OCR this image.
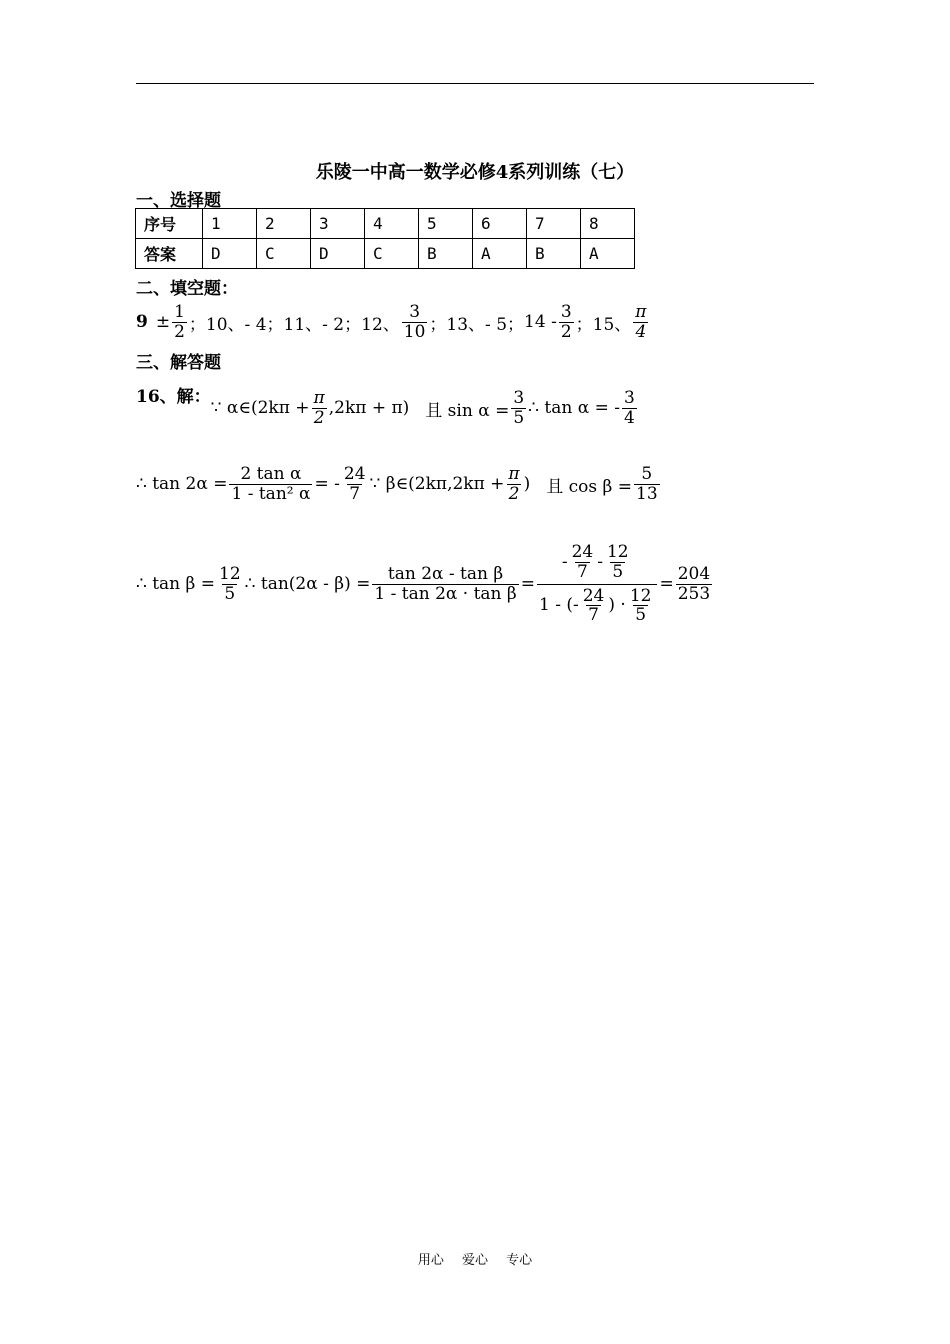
乐陵一中高一数学必修4系列训练（七）
一、选择题
序号	1	2	3	4	5	6	7	8
答案	D	C	D	C	B	A	B	A
二、填空题：
$9 \pm \frac{1}{2}$ ； 10、- 4 ； 11、- 2 ； 12、 $\frac{3}{10}$ ； 13、- 5 ； $14 - \frac{3}{2}$ ； 15、 $\frac{\pi}{4}$
三、解答题
16、解：
∵ α∈(2kπ + $\frac{\pi}{2} ,2k\pi + \pi$) 且 $\sin \alpha = \frac{3}{5}$ ∴ tan α = - $\frac{3}{4}$
∴ $\tan 2\alpha = \frac{\text{2 tan α}}{\text{1 - tan² α}}$ = - $\frac{24}{7}$ ∵ β∈(2kπ,2kπ + $\frac{\pi}{2}$ ) 且 $\cos \beta = \frac{5}{13}$
∴ $\tan \beta = \frac{12}{5}$ ∴ $\tan(2\alpha - \beta) = \frac{\text{tan 2α - tan β}}{\text{1 - tan 2α · tan β}} = \frac{- \frac{24}{7} - \frac{12}{5}}{1 - (- \frac{24}{7} ) \cdot \frac{12}{5}} = \frac{204}{253}$
用心 爱心 专心
